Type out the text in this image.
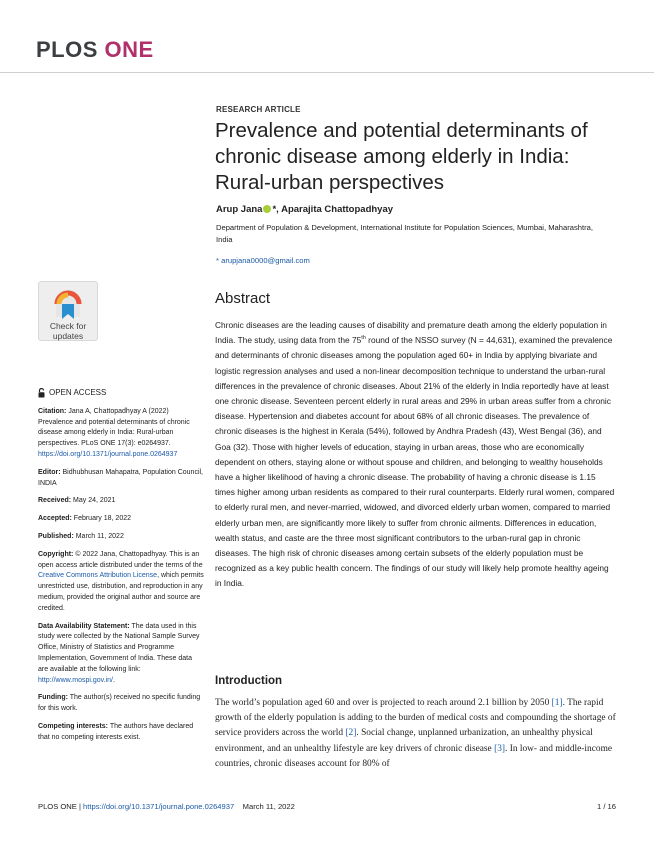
PLOS ONE
RESEARCH ARTICLE
Prevalence and potential determinants of chronic disease among elderly in India: Rural-urban perspectives
Arup Jana *, Aparajita Chattopadhyay
Department of Population & Development, International Institute for Population Sciences, Mumbai, Maharashtra, India
* arupjana0000@gmail.com
Check for
updates
OPEN ACCESS
Citation: Jana A, Chattopadhyay A (2022) Prevalence and potential determinants of chronic disease among elderly in India: Rural-urban perspectives. PLoS ONE 17(3): e0264937. https://doi.org/10.1371/journal.pone.0264937
Editor: Bidhubhusan Mahapatra, Population Council, INDIA
Received: May 24, 2021
Accepted: February 18, 2022
Published: March 11, 2022
Copyright: © 2022 Jana, Chattopadhyay. This is an open access article distributed under the terms of the Creative Commons Attribution License, which permits unrestricted use, distribution, and reproduction in any medium, provided the original author and source are credited.
Data Availability Statement: The data used in this study were collected by the National Sample Survey Office, Ministry of Statistics and Programme Implementation, Government of India. These data are available at the following link: http://www.mospi.gov.in/.
Funding: The author(s) received no specific funding for this work.
Competing interests: The authors have declared that no competing interests exist.
Abstract

Chronic diseases are the leading causes of disability and premature death among the elderly population in India. The study, using data from the 75th round of the NSSO survey (N = 44,631), examined the prevalence and determinants of chronic diseases among the population aged 60+ in India by applying bivariate and logistic regression analyses and used a non-linear decomposition technique to understand the urban-rural differences in the prevalence of chronic diseases. About 21% of the elderly in India reportedly have at least one chronic disease. Seventeen percent elderly in rural areas and 29% in urban areas suffer from a chronic disease. Hypertension and diabetes account for about 68% of all chronic diseases. The prevalence of chronic diseases is the highest in Kerala (54%), followed by Andhra Pradesh (43), West Bengal (36), and Goa (32). Those with higher levels of education, staying in urban areas, those who are economically dependent on others, staying alone or without spouse and children, and belonging to wealthy households have a higher likelihood of having a chronic disease. The probability of having a chronic disease is 1.15 times higher among urban residents as compared to their rural counterparts. Elderly rural women, compared to elderly rural men, and never-married, widowed, and divorced elderly urban women, compared to married elderly urban men, are significantly more likely to suffer from chronic ailments. Differences in education, wealth status, and caste are the three most significant contributors to the urban-rural gap in chronic diseases. The high risk of chronic diseases among certain subsets of the elderly population must be recognized as a key public health concern. The findings of our study will likely help promote healthy ageing in India.

Introduction

The world’s population aged 60 and over is projected to reach around 2.1 billion by 2050 [1]. The rapid growth of the elderly population is adding to the burden of medical costs and compounding the shortage of service providers across the world [2]. Social change, unplanned urbanization, an unhealthy physical environment, and an unhealthy lifestyle are key drivers of chronic disease [3]. In low- and middle-income countries, chronic diseases account for 80% of

PLOS ONE | https://doi.org/10.1371/journal.pone.0264937 March 11, 2022	1 / 16
